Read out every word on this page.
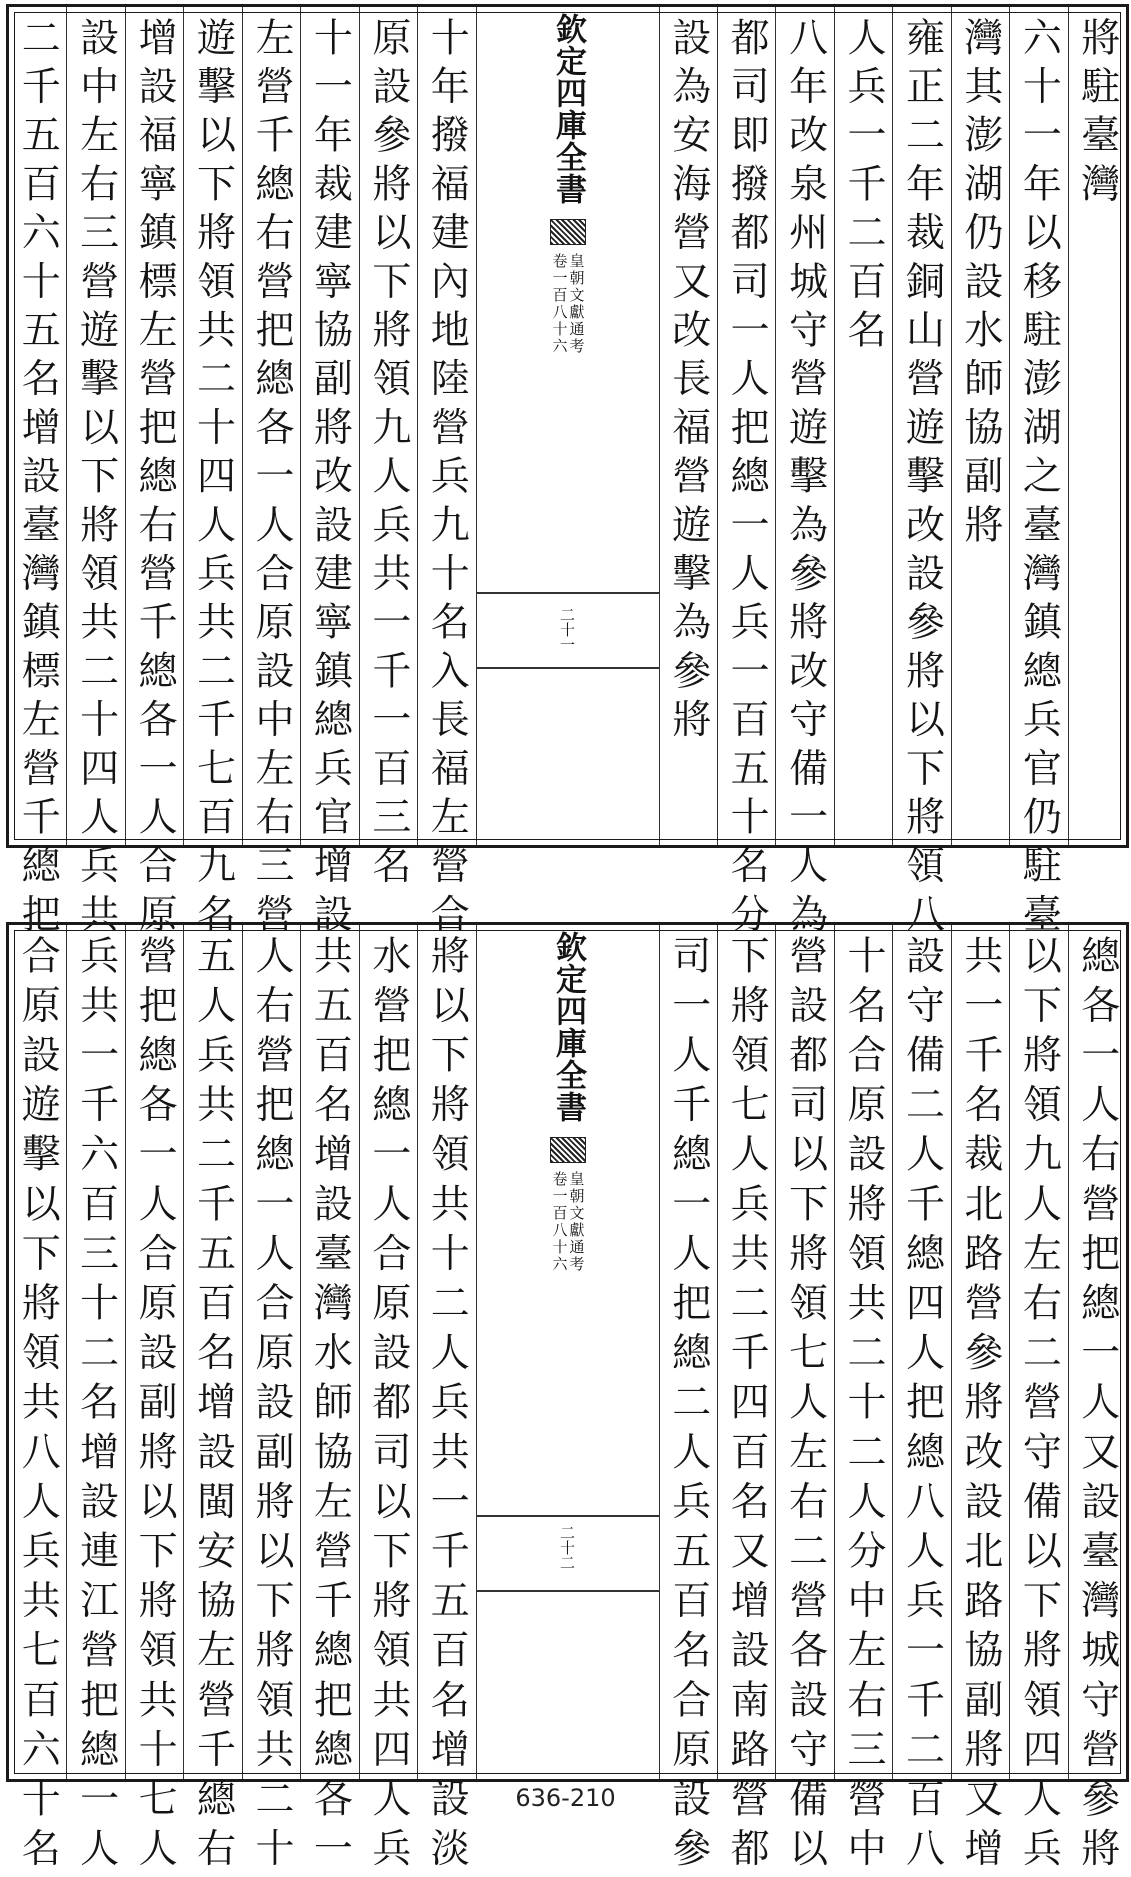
將駐臺灣
六十一年以移駐澎湖之臺灣鎮總兵官仍駐臺
灣其澎湖仍設水師協副將
雍正二年裁銅山營遊擊改設參將以下將領八
人兵一千二百名
八年改泉州城守營遊擊為參將改守備一人為
都司即撥都司一人把總一人兵一百五十名分
設為安海營又改長福營遊擊為參將
欽定四庫全書
皇朝文獻通考
卷一百八十六
二十一
十年撥福建內地陸營兵九十名入長福左營合
原設參將以下將領九人兵共一千一百三名
十一年裁建寧協副將改設建寧鎮總兵官增設
左營千總右營把總各一人合原設中左右三營
遊擊以下將領共二十四人兵共二千七百九名
增設福寧鎮標左營把總右營千總各一人合原
設中左右三營遊擊以下將領共二十四人兵共
二千五百六十五名增設臺灣鎮標左營千總把
總各一人右營把總一人又設臺灣城守營參將
以下將領九人左右二營守備以下將領四人兵
共一千名裁北路營參將改設北路協副將又增
設守備二人千總四人把總八人兵一千二百八
十名合原設將領共二十二人分中左右三營中
營設都司以下將領七人左右二營各設守備以
下將領七人兵共二千四百名又增設南路營都
司一人千總一人把總二人兵五百名合原設參
欽定四庫全書
皇朝文獻通考
卷一百八十六
二十二
將以下將領共十二人兵共一千五百名增設淡
水營把總一人合原設都司以下將領共四人兵
共五百名增設臺灣水師協左營千總把總各一
人右營把總一人合原設副將以下將領共二十
五人兵共二千五百名增設閩安協左營千總右
營把總各一人合原設副將以下將領共十七人
兵共一千六百三十二名增設連江營把總一人
合原設遊擊以下將領共八人兵共七百六十名	636-210
